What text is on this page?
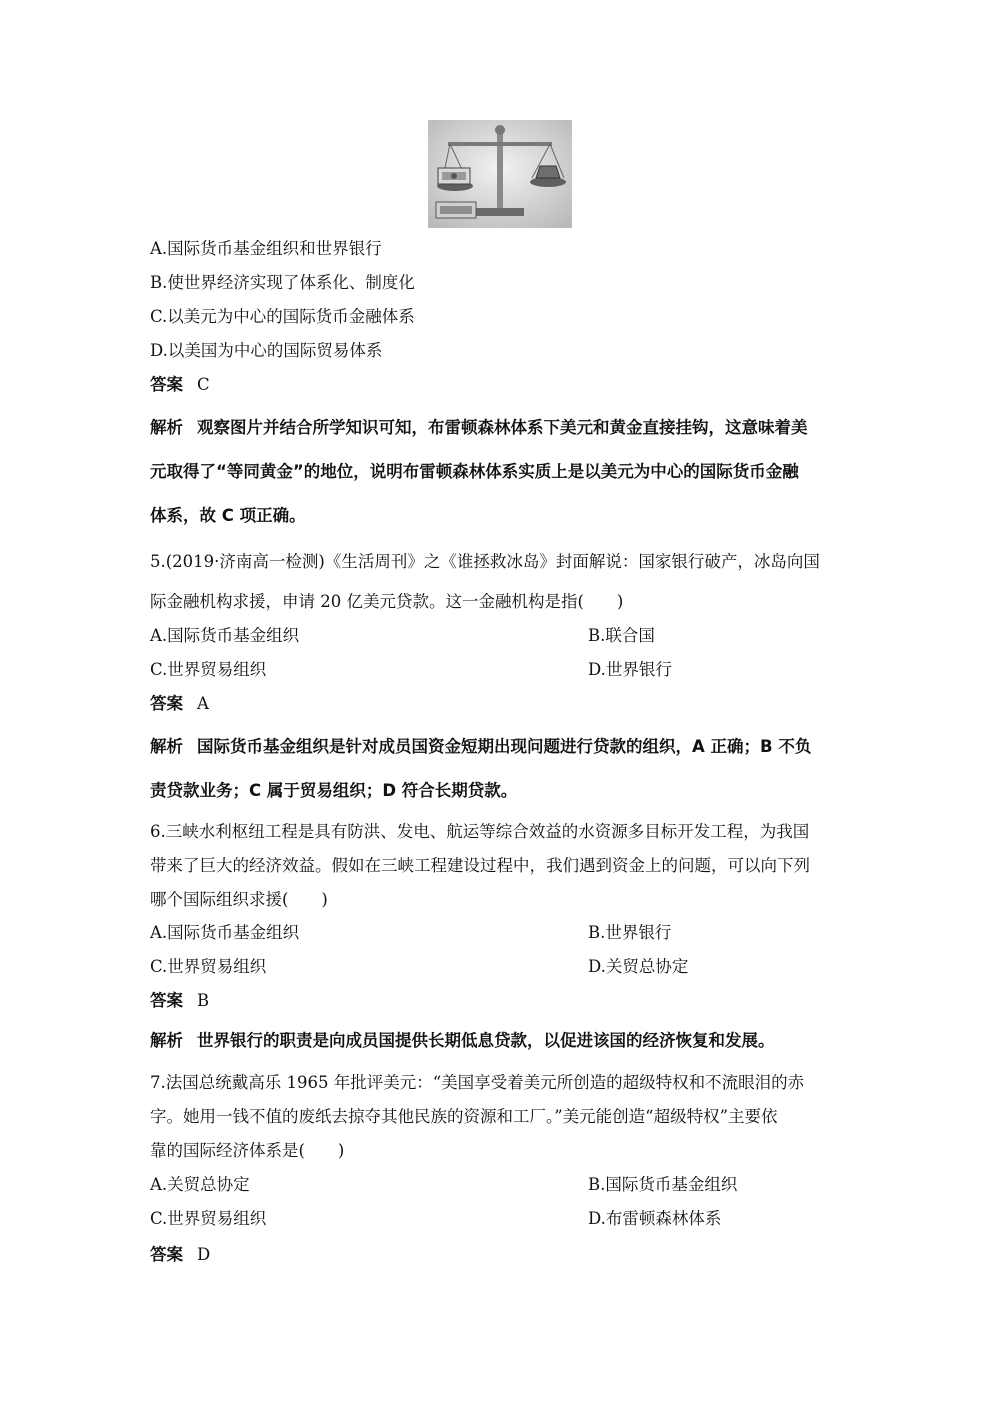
A.国际货币基金组织和世界银行
B.使世界经济实现了体系化、制度化
C.以美元为中心的国际货币金融体系
D.以美国为中心的国际贸易体系
答案 C
解析 观察图片并结合所学知识可知，布雷顿森林体系下美元和黄金直接挂钩，这意味着美
元取得了“等同黄金”的地位，说明布雷顿森林体系实质上是以美元为中心的国际货币金融
体系，故 C 项正确。
5.(2019·济南高一检测)《生活周刊》之《谁拯救冰岛》封面解说：国家银行破产，冰岛向国
际金融机构求援，申请 20 亿美元贷款。这一金融机构是指(　　)
A.国际货币基金组织	B.联合国
C.世界贸易组织	D.世界银行
答案 A
解析 国际货币基金组织是针对成员国资金短期出现问题进行贷款的组织，A 正确；B 不负
责贷款业务；C 属于贸易组织；D 符合长期贷款。
6.三峡水利枢纽工程是具有防洪、发电、航运等综合效益的水资源多目标开发工程，为我国
带来了巨大的经济效益。假如在三峡工程建设过程中，我们遇到资金上的问题，可以向下列
哪个国际组织求援(　　)
A.国际货币基金组织	B.世界银行
C.世界贸易组织	D.关贸总协定
答案 B
解析 世界银行的职责是向成员国提供长期低息贷款，以促进该国的经济恢复和发展。
7.法国总统戴高乐 1965 年批评美元：“美国享受着美元所创造的超级特权和不流眼泪的赤
字。她用一钱不值的废纸去掠夺其他民族的资源和工厂。”美元能创造“超级特权”主要依
靠的国际经济体系是(　　)
A.关贸总协定	B.国际货币基金组织
C.世界贸易组织	D.布雷顿森林体系
答案 D
